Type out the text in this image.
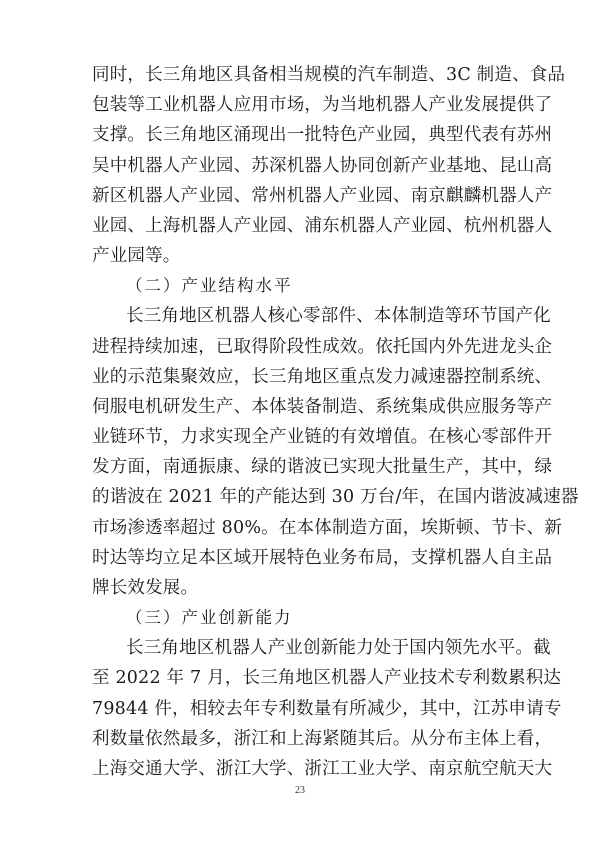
同时，长三角地区具备相当规模的汽车制造、3C 制造、食品
包装等工业机器人应用市场，为当地机器人产业发展提供了
支撑。长三角地区涌现出一批特色产业园，典型代表有苏州
吴中机器人产业园、苏深机器人协同创新产业基地、昆山高
新区机器人产业园、常州机器人产业园、南京麒麟机器人产
业园、上海机器人产业园、浦东机器人产业园、杭州机器人
产业园等。
（二）产业结构水平
长三角地区机器人核心零部件、本体制造等环节国产化
进程持续加速，已取得阶段性成效。依托国内外先进龙头企
业的示范集聚效应，长三角地区重点发力减速器控制系统、
伺服电机研发生产、本体装备制造、系统集成供应服务等产
业链环节，力求实现全产业链的有效增值。在核心零部件开
发方面，南通振康、绿的谐波已实现大批量生产，其中，绿
的谐波在 2021 年的产能达到 30 万台/年，在国内谐波减速器
市场渗透率超过 80%。在本体制造方面，埃斯顿、节卡、新
时达等均立足本区域开展特色业务布局，支撑机器人自主品
牌长效发展。
（三）产业创新能力
长三角地区机器人产业创新能力处于国内领先水平。截
至 2022 年 7 月，长三角地区机器人产业技术专利数累积达
79844 件，相较去年专利数量有所减少，其中，江苏申请专
利数量依然最多，浙江和上海紧随其后。从分布主体上看，
上海交通大学、浙江大学、浙江工业大学、南京航空航天大
23
